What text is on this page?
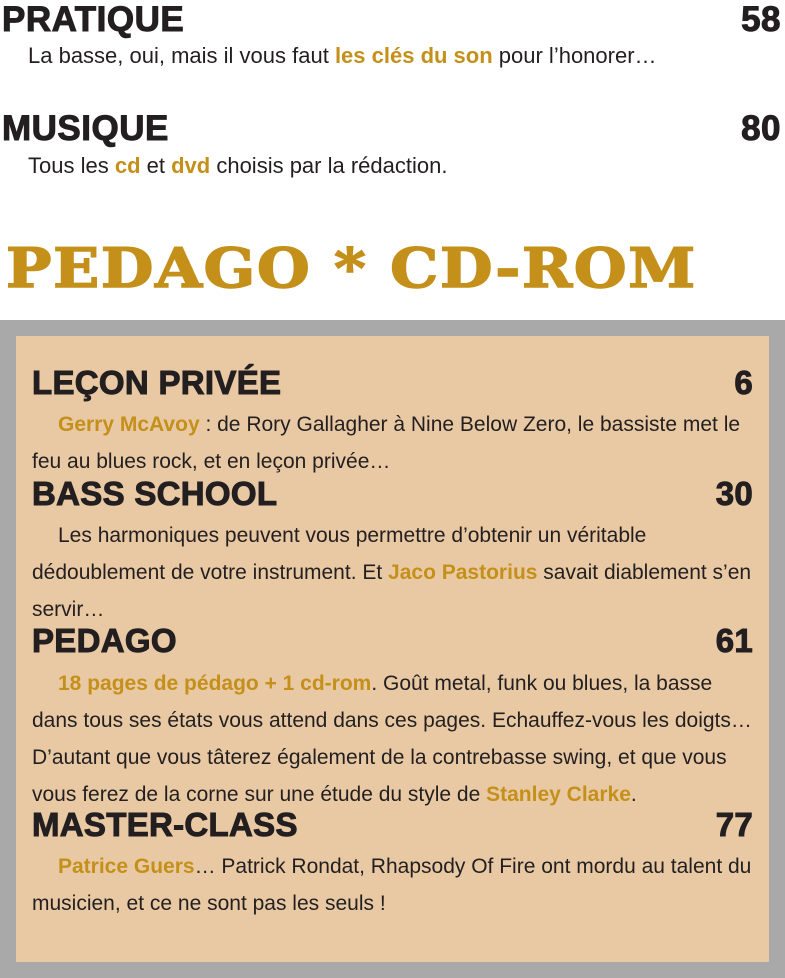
PRATIQUE	58
La basse, oui, mais il vous faut les clés du son pour l’honorer…
MUSIQUE	80
Tous les cd et dvd choisis par la rédaction.
PEDAGO * CD-ROM
LEÇON PRIVÉE	6
Gerry McAvoy : de Rory Gallagher à Nine Below Zero, le bassiste met le feu au blues rock, et en leçon privée…
BASS SCHOOL	30
Les harmoniques peuvent vous permettre d’obtenir un véritable dédoublement de votre instrument. Et Jaco Pastorius savait diablement s’en servir…
PEDAGO	61
18 pages de pédago + 1 cd-rom. Goût metal, funk ou blues, la basse dans tous ses états vous attend dans ces pages. Echauffez-vous les doigts… D’autant que vous tâterez également de la contrebasse swing, et que vous vous ferez de la corne sur une étude du style de Stanley Clarke.
MASTER-CLASS	77
Patrice Guers… Patrick Rondat, Rhapsody Of Fire ont mordu au talent du musicien, et ce ne sont pas les seuls !
